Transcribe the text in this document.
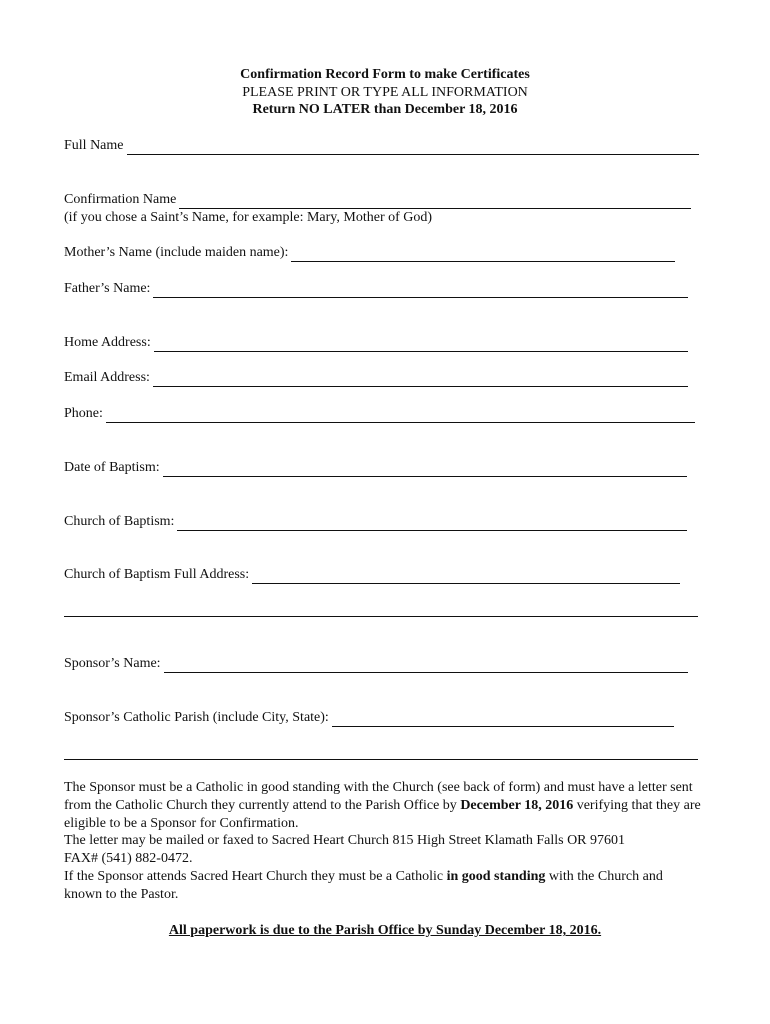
Confirmation Record Form to make Certificates
PLEASE PRINT OR TYPE ALL INFORMATION
Return NO LATER than December 18, 2016
Full Name
Confirmation Name
(if you chose a Saint’s Name, for example: Mary, Mother of God)
Mother’s Name (include maiden name):
Father’s Name:
Home Address:
Email Address:
Phone:
Date of Baptism:
Church of Baptism:
Church of Baptism Full Address:
Sponsor’s Name:
Sponsor’s Catholic Parish (include City, State):
The Sponsor must be a Catholic in good standing with the Church (see back of form) and must have a letter sent from the Catholic Church they currently attend to the Parish Office by December 18, 2016 verifying that they are eligible to be a Sponsor for Confirmation.
The letter may be mailed or faxed to Sacred Heart Church 815 High Street Klamath Falls OR 97601
FAX# (541) 882-0472.
If the Sponsor attends Sacred Heart Church they must be a Catholic in good standing with the Church and known to the Pastor.
All paperwork is due to the Parish Office by Sunday December 18, 2016.
